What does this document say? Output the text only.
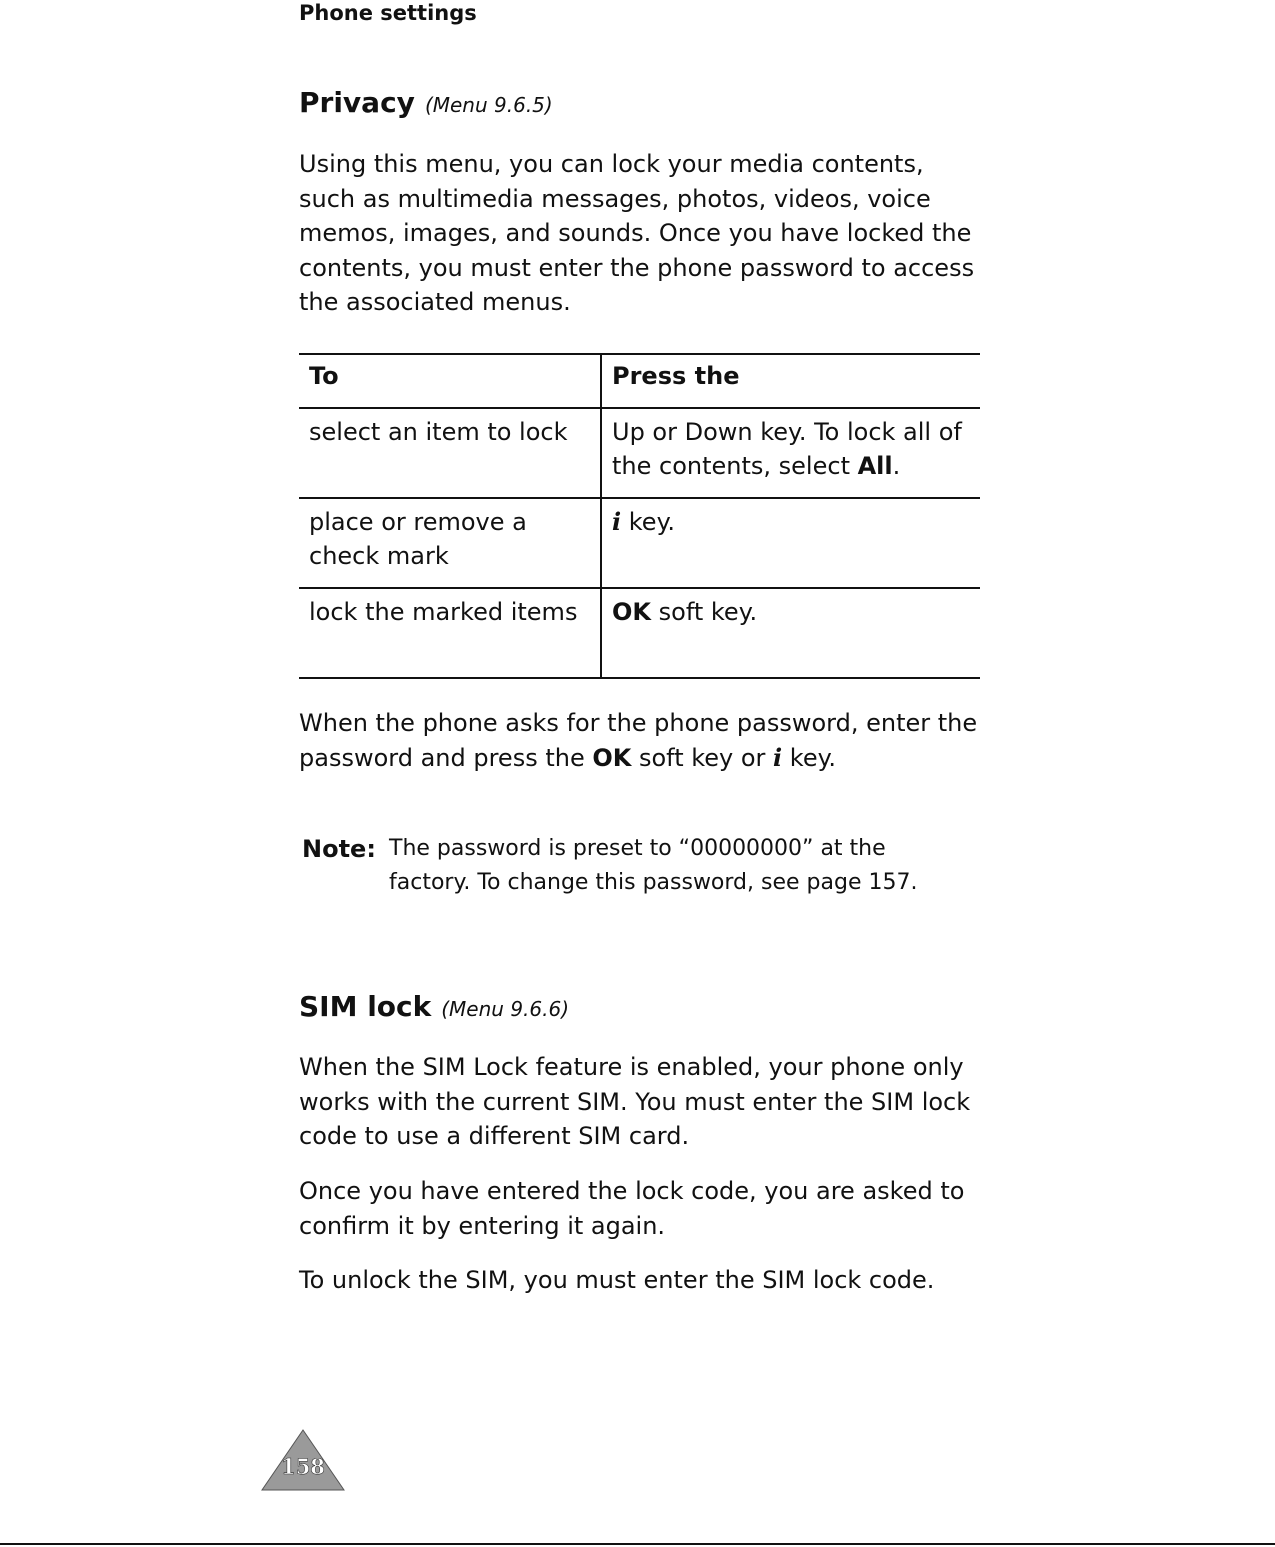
Phone settings
Privacy (Menu 9.6.5)

Using this menu, you can lock your media contents, such as multimedia messages, photos, videos, voice memos, images, and sounds. Once you have locked the contents, you must enter the phone password to access the associated menus.

To	Press the
select an item to lock	Up or Down key. To lock all of the contents, select All.
place or remove a check mark	i key.
lock the marked items	OK soft key.

When the phone asks for the phone password, enter the password and press the OK soft key or i key.

Note: The password is preset to “00000000” at the factory. To change this password, see page 157.

SIM lock (Menu 9.6.6)

When the SIM Lock feature is enabled, your phone only works with the current SIM. You must enter the SIM lock code to use a different SIM card.

Once you have entered the lock code, you are asked to confirm it by entering it again.

To unlock the SIM, you must enter the SIM lock code.

158
